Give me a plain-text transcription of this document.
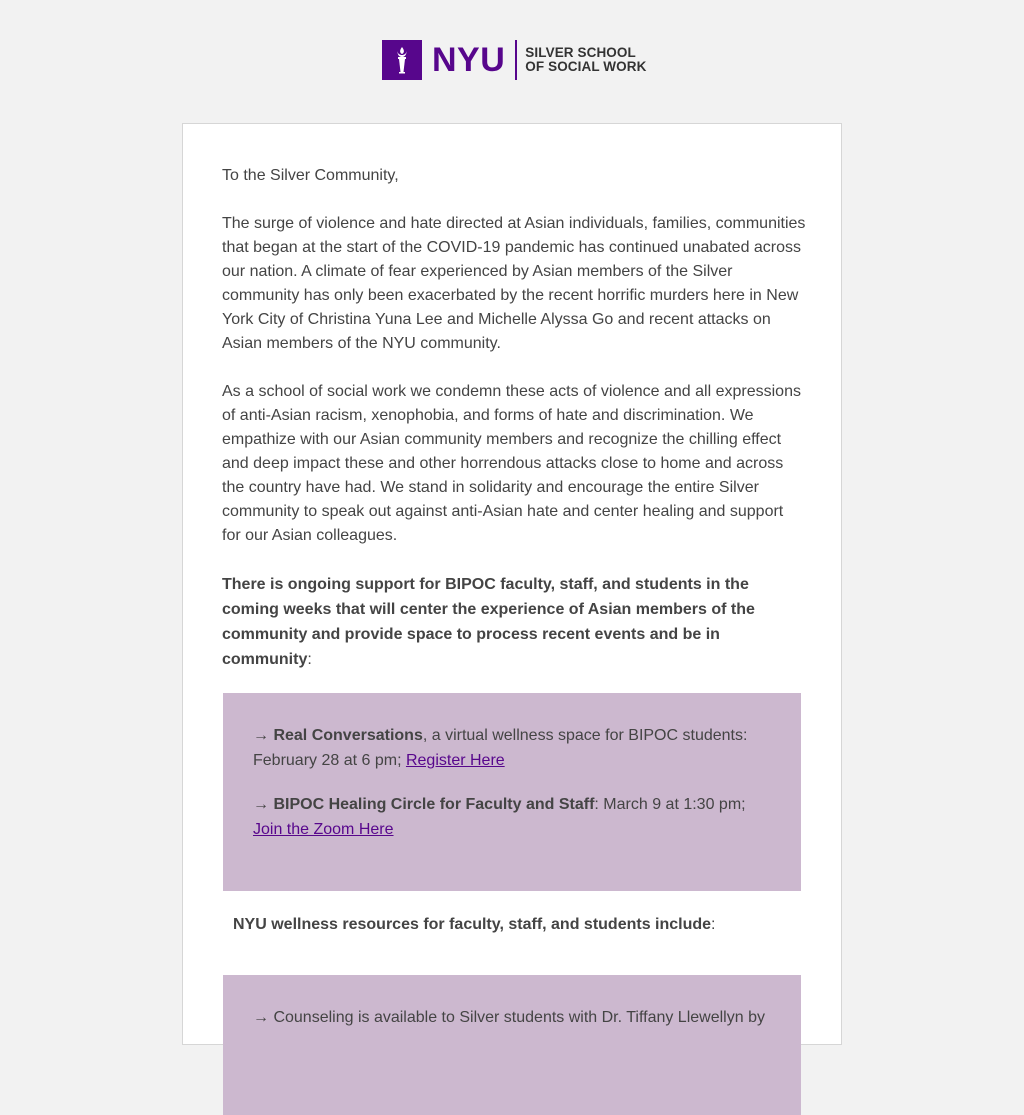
NYU SILVER SCHOOL
OF SOCIAL WORK

To the Silver Community,

The surge of violence and hate directed at Asian individuals, families, communities that began at the start of the COVID-19 pandemic has continued unabated across our nation. A climate of fear experienced by Asian members of the Silver community has only been exacerbated by the recent horrific murders here in New York City of Christina Yuna Lee and Michelle Alyssa Go and recent attacks on Asian members of the NYU community.

As a school of social work we condemn these acts of violence and all expressions of anti-Asian racism, xenophobia, and forms of hate and discrimination. We empathize with our Asian community members and recognize the chilling effect and deep impact these and other horrendous attacks close to home and across the country have had. We stand in solidarity and encourage the entire Silver community to speak out against anti-Asian hate and center healing and support for our Asian colleagues.

There is ongoing support for BIPOC faculty, staff, and students in the coming weeks that will center the experience of Asian members of the community and provide space to process recent events and be in community:

→ Real Conversations, a virtual wellness space for BIPOC students: February 28 at 6 pm; Register Here

→ BIPOC Healing Circle for Faculty and Staff: March 9 at 1:30 pm;
Join the Zoom Here

NYU wellness resources for faculty, staff, and students include:

→ Counseling is available to Silver students with Dr. Tiffany Llewellyn by
